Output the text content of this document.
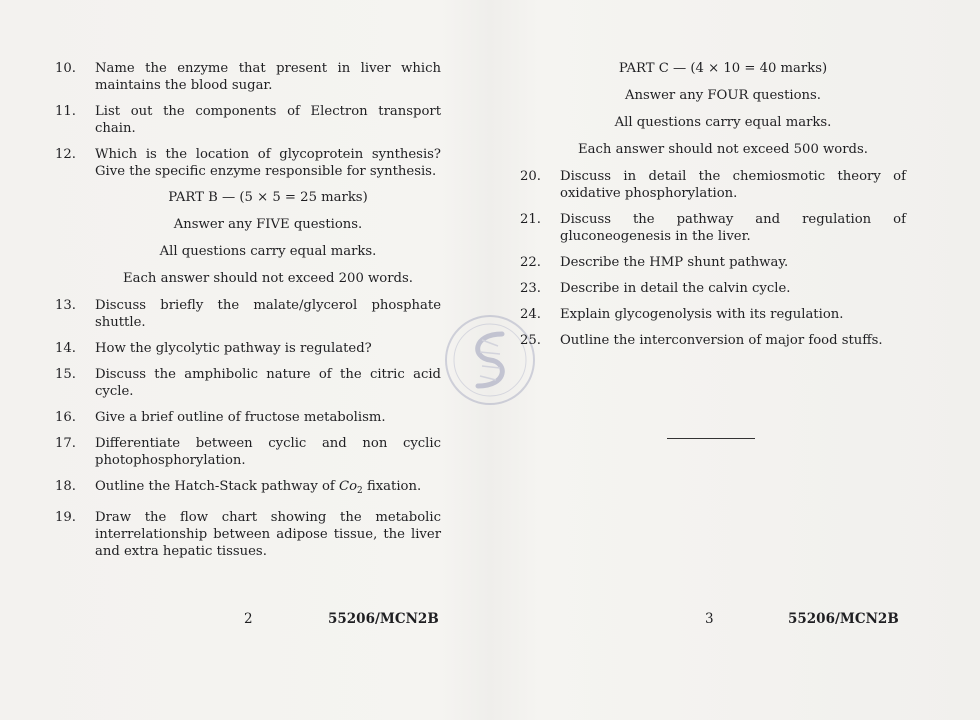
10.	Name the enzyme that present in liver which maintains the blood sugar.
11.	List out the components of Electron transport chain.
12.	Which is the location of glycoprotein synthesis? Give the specific enzyme responsible for synthesis.
PART B — (5 × 5 = 25 marks)
Answer any FIVE questions.
All questions carry equal marks.
Each answer should not exceed 200 words.
13.	Discuss briefly the malate/glycerol phosphate shuttle.
14.	How the glycolytic pathway is regulated?
15.	Discuss the amphibolic nature of the citric acid cycle.
16.	Give a brief outline of fructose metabolism.
17.	Differentiate between cyclic and non cyclic photophosphorylation.
18.	Outline the Hatch-Stack pathway of $Co_2$ fixation.
19.	Draw the flow chart showing the metabolic interrelationship between adipose tissue, the liver and extra hepatic tissues.
2	55206/MCN2B
PART C — (4 × 10 = 40 marks)
Answer any FOUR questions.
All questions carry equal marks.
Each answer should not exceed 500 words.
20.	Discuss in detail the chemiosmotic theory of oxidative phosphorylation.
21.	Discuss the pathway and regulation of gluconeogenesis in the liver.
22.	Describe the HMP shunt pathway.
23.	Describe in detail the calvin cycle.
24.	Explain glycogenolysis with its regulation.
25.	Outline the interconversion of major food stuffs.
3	55206/MCN2B
